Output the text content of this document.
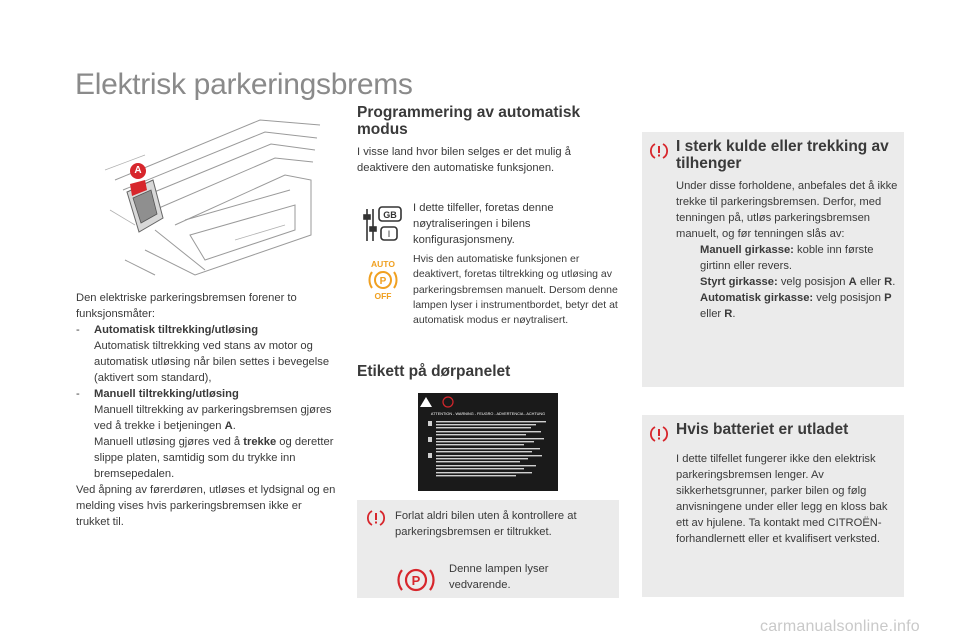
Elektrisk parkeringsbrems
A

Den elektriske parkeringsbremsen forener to funksjonsmåter:

-	Automatisk tiltrekking/utløsing
Automatisk tiltrekking ved stans av motor og automatisk utløsing når bilen settes i bevegelse (aktivert som standard),
-	Manuell tiltrekking/utløsing
Manuell tiltrekking av parkeringsbremsen gjøres ved å trekke i betjeningen A.
Manuell utløsing gjøres ved å trekke og deretter slippe platen, samtidig som du trykke inn bremsepedalen.

Ved åpning av førerdøren, utløses et lydsignal og en melding vises hvis parkeringsbremsen ikke er trukket til.

Programmering av automatisk modus

I visse land hvor bilen selges er det mulig å deaktivere den automatiske funksjonen.

GB
I

I dette tilfeller, foretas denne nøytraliseringen i bilens konfigurasjonsmeny.

AUTO
P
OFF

Hvis den automatiske funksjonen er deaktivert, foretas tiltrekking og utløsing av parkeringsbremsen manuelt. Dersom denne lampen lyser i instrumentbordet, betyr det at automatisk modus er nøytralisert.

Etikett på dørpanelet
ATTENTION - WARNING - FEUGRO - ADVERTENCIA - ACHTUNG

Forlat aldri bilen uten å kontrollere at parkeringsbremsen er tiltrukket.

P

Denne lampen lyser vedvarende.

I sterk kulde eller trekking av tilhenger

Under disse forholdene, anbefales det å ikke trekke til parkeringsbremsen. Derfor, med tenningen på, utløs parkeringsbremsen manuelt, og før tenningen slås av:

Manuell girkasse: koble inn første girtinn eller revers.
Styrt girkasse: velg posisjon A eller R.
Automatisk girkasse: velg posisjon P eller R.
Hvis batteriet er utladet

I dette tilfellet fungerer ikke den elektrisk parkeringsbremsen lenger. Av sikkerhetsgrunner, parker bilen og følg anvisningene under eller legg en kloss bak ett av hjulene. Ta kontakt med CITROËN-forhandlernett eller et kvalifisert verksted.

carmanualsonline.info
